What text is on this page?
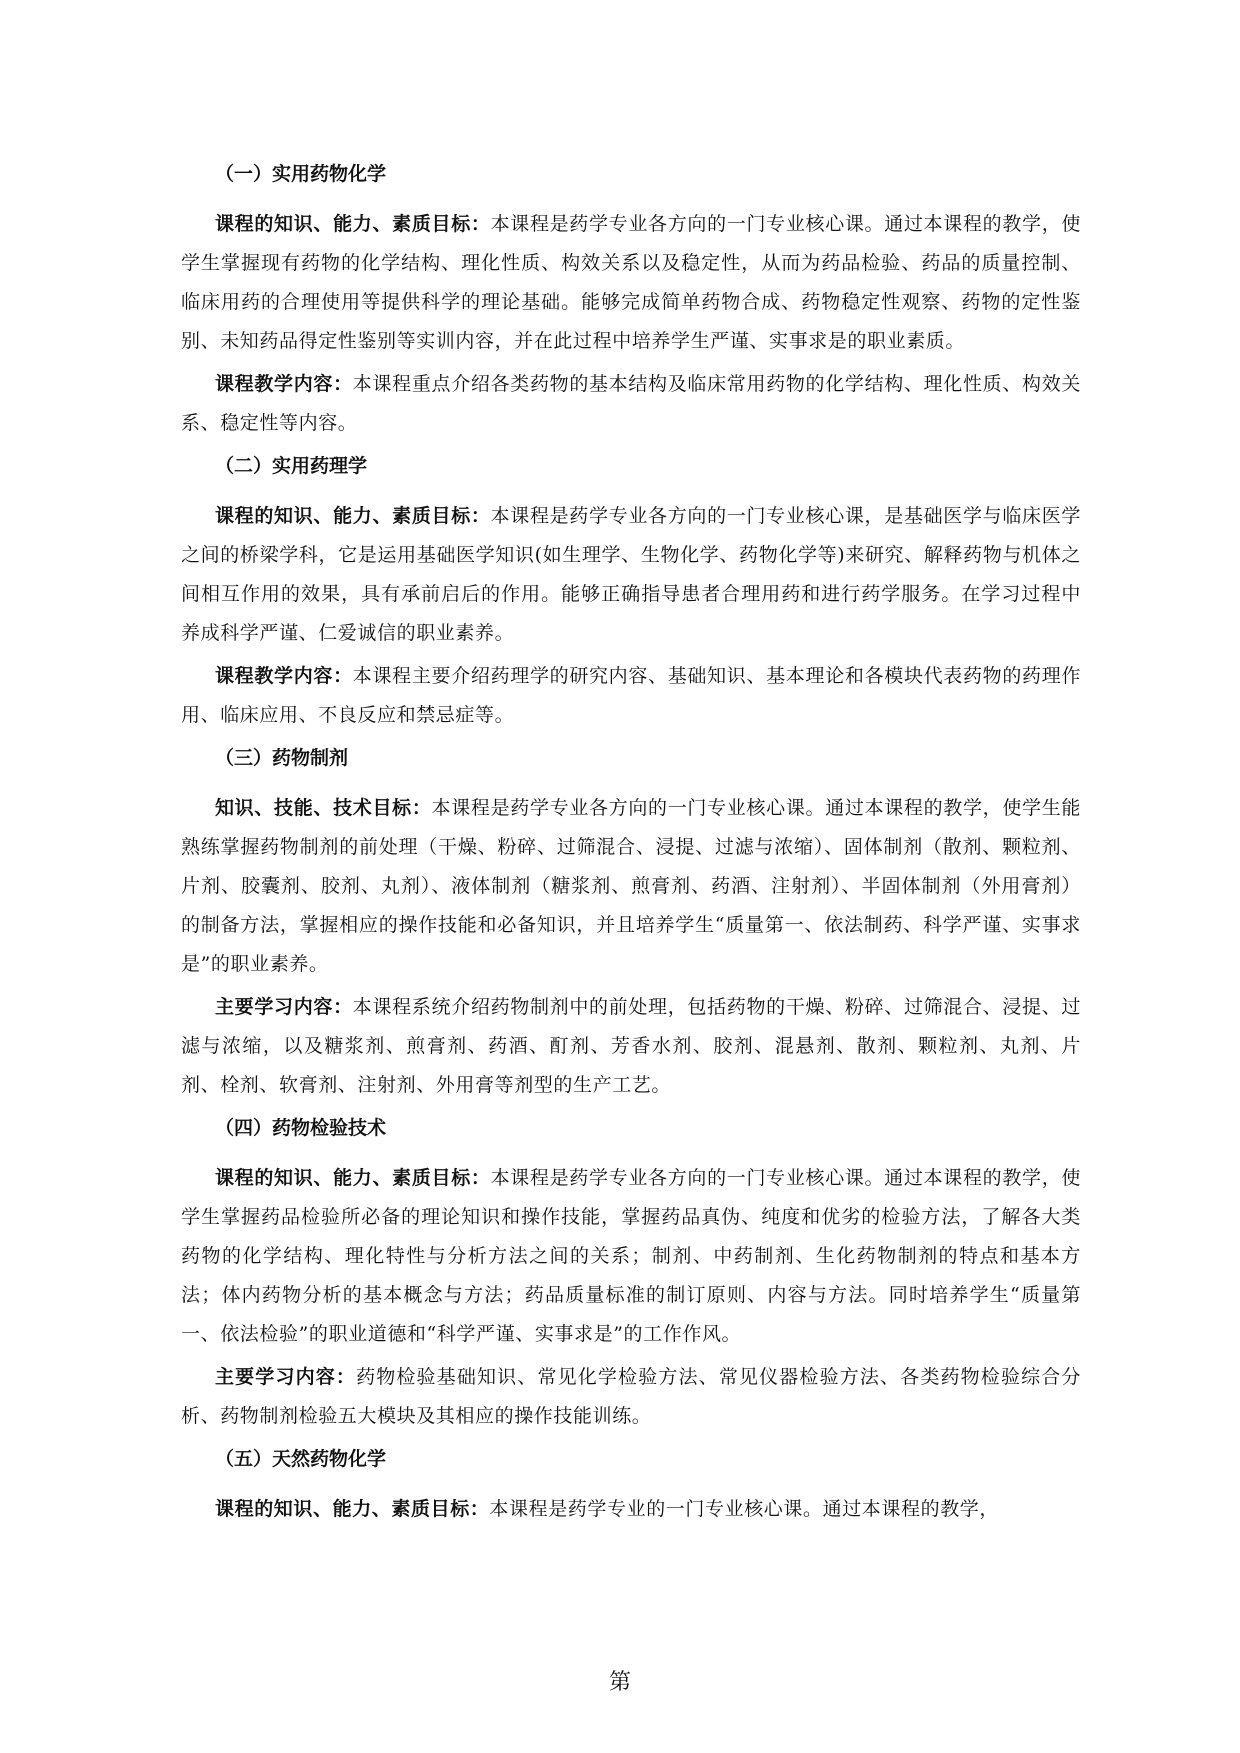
（一）实用药物化学

课程的知识、能力、素质目标：本课程是药学专业各方向的一门专业核心课。通过本课程的教学，使学生掌握现有药物的化学结构、理化性质、构效关系以及稳定性，从而为药品检验、药品的质量控制、临床用药的合理使用等提供科学的理论基础。能够完成简单药物合成、药物稳定性观察、药物的定性鉴别、未知药品得定性鉴别等实训内容，并在此过程中培养学生严谨、实事求是的职业素质。

课程教学内容：本课程重点介绍各类药物的基本结构及临床常用药物的化学结构、理化性质、构效关系、稳定性等内容。

（二）实用药理学

课程的知识、能力、素质目标：本课程是药学专业各方向的一门专业核心课，是基础医学与临床医学之间的桥梁学科，它是运用基础医学知识(如生理学、生物化学、药物化学等)来研究、解释药物与机体之间相互作用的效果，具有承前启后的作用。能够正确指导患者合理用药和进行药学服务。在学习过程中养成科学严谨、仁爱诚信的职业素养。

课程教学内容：本课程主要介绍药理学的研究内容、基础知识、基本理论和各模块代表药物的药理作用、临床应用、不良反应和禁忌症等。

（三）药物制剂

知识、技能、技术目标：本课程是药学专业各方向的一门专业核心课。通过本课程的教学，使学生能熟练掌握药物制剂的前处理（干燥、粉碎、过筛混合、浸提、过滤与浓缩）、固体制剂（散剂、颗粒剂、片剂、胶囊剂、胶剂、丸剂）、液体制剂（糖浆剂、煎膏剂、药酒、注射剂）、半固体制剂（外用膏剂）的制备方法，掌握相应的操作技能和必备知识，并且培养学生“质量第一、依法制药、科学严谨、实事求是”的职业素养。

主要学习内容：本课程系统介绍药物制剂中的前处理，包括药物的干燥、粉碎、过筛混合、浸提、过滤与浓缩，以及糖浆剂、煎膏剂、药酒、酊剂、芳香水剂、胶剂、混悬剂、散剂、颗粒剂、丸剂、片剂、栓剂、软膏剂、注射剂、外用膏等剂型的生产工艺。

（四）药物检验技术

课程的知识、能力、素质目标：本课程是药学专业各方向的一门专业核心课。通过本课程的教学，使学生掌握药品检验所必备的理论知识和操作技能，掌握药品真伪、纯度和优劣的检验方法，了解各大类药物的化学结构、理化特性与分析方法之间的关系；制剂、中药制剂、生化药物制剂的特点和基本方法；体内药物分析的基本概念与方法；药品质量标准的制订原则、内容与方法。同时培养学生“质量第一、依法检验”的职业道德和“科学严谨、实事求是”的工作作风。

主要学习内容：药物检验基础知识、常见化学检验方法、常见仪器检验方法、各类药物检验综合分析、药物制剂检验五大模块及其相应的操作技能训练。

（五）天然药物化学

课程的知识、能力、素质目标：本课程是药学专业的一门专业核心课。通过本课程的教学，

第
